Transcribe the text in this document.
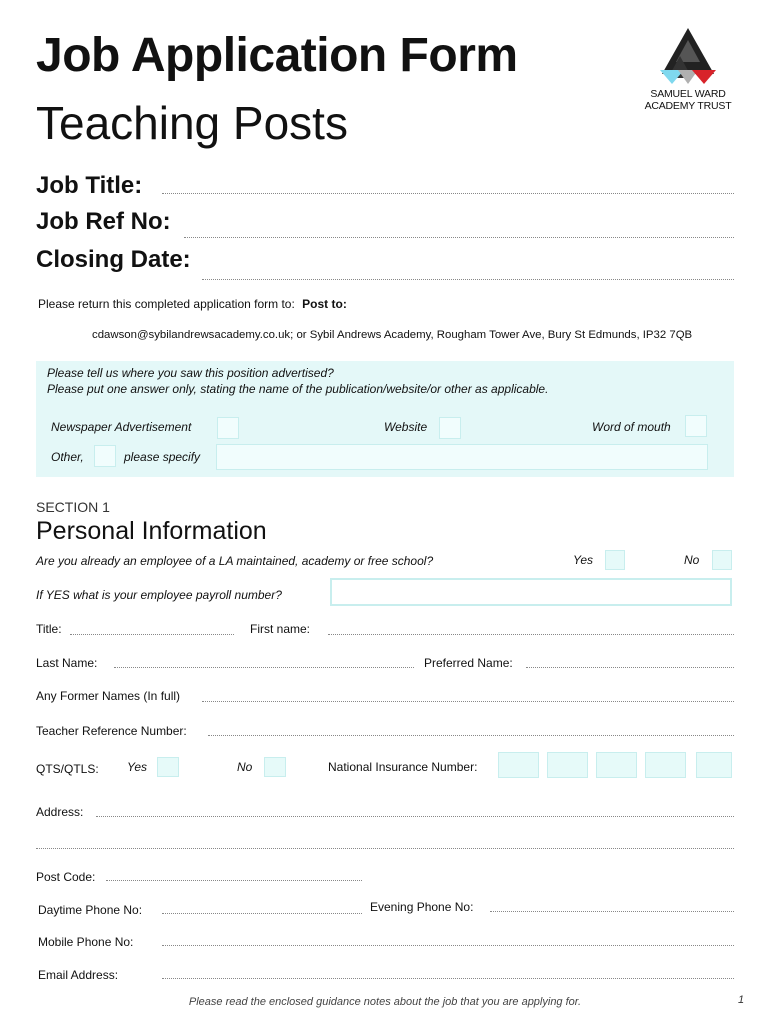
Job Application Form
Teaching Posts
SAMUEL WARD
ACADEMY TRUST
Job Title:
Job Ref No:
Closing Date:
Please return this completed application form to: Post to:
cdawson@sybilandrewsacademy.co.uk; or Sybil Andrews Academy, Rougham Tower Ave, Bury St Edmunds, IP32 7QB
Please tell us where you saw this position advertised?
Please put one answer only, stating the name of the publication/website/or other as applicable.
Newspaper Advertisement	Website	Word of mouth
Other,	please specify
SECTION 1
Personal Information
Are you already an employee of a LA maintained, academy or free school?	Yes	No
If YES what is your employee payroll number?
Title:	First name:
Last Name:	Preferred Name:
Any Former Names (In full)
Teacher Reference Number:
QTS/QTLS: Yes	No	National Insurance Number:
Address:
Post Code:
Daytime Phone No:	Evening Phone No:
Mobile Phone No:
Email Address:
Please read the enclosed guidance notes about the job that you are applying for.	1
